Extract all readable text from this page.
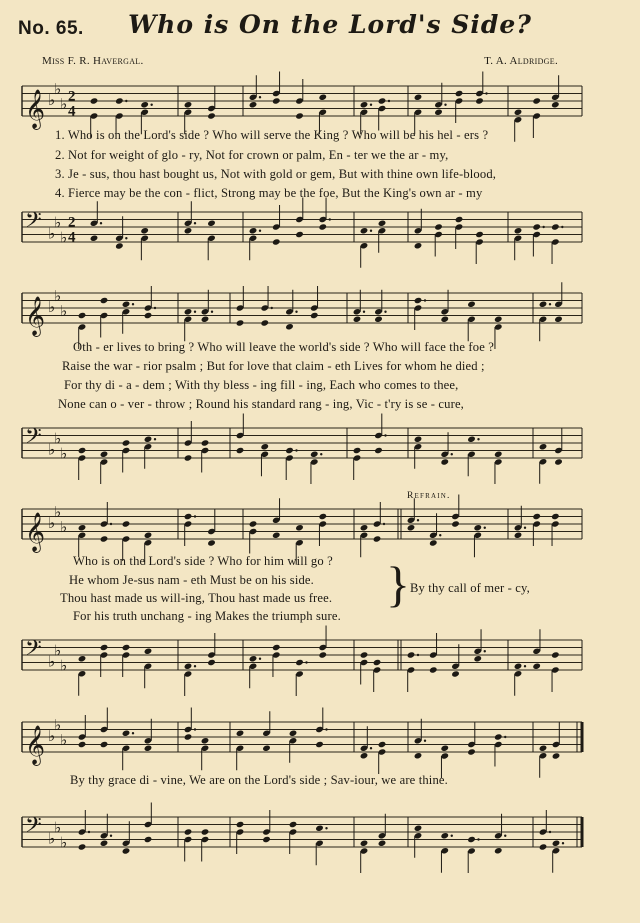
No. 65.	Who is On the Lord's Side?
Miss F. R. Havergal.	T. A. Aldridge.
Refrain.
𝄞 ♭
♭
♭ 2
4
𝄢 ♭
♭
♭
2
4
𝄞 ♭
♭
♭
𝄢 ♭
♭
♭
𝄞 ♭
♭
♭
𝄢 ♭
♭
♭
𝄞 ♭
♭
♭
𝄢 ♭
♭
♭
1. Who is on the Lord's side ? Who will serve the King ? Who will be his hel - ers ?
2. Not for weight of glo - ry, Not for crown or palm, En - ter we the ar - my,
3. Je - sus, thou hast bought us, Not with gold or gem, But with thine own life-blood,
4. Fierce may be the con - flict, Strong may be the foe, But the King's own ar - my
Oth - er lives to bring ? Who will leave the world's side ? Who will face the foe ?
Raise the war - rior psalm ; But for love that claim - eth Lives for whom he died ;
For thy di - a - dem ; With thy bless - ing fill - ing, Each who comes to thee,
None can o - ver - throw ; Round his standard rang - ing, Vic - t'ry is se - cure,
Who is on the Lord's side ? Who for him will go ?
He whom Je-sus nam - eth Must be on his side.
Thou hast made us will-ing, Thou hast made us free.
For his truth unchang - ing Makes the triumph sure.
} By thy call of mer - cy,
By thy grace di - vine, We are on the Lord's side ; Sav-iour, we are thine.
